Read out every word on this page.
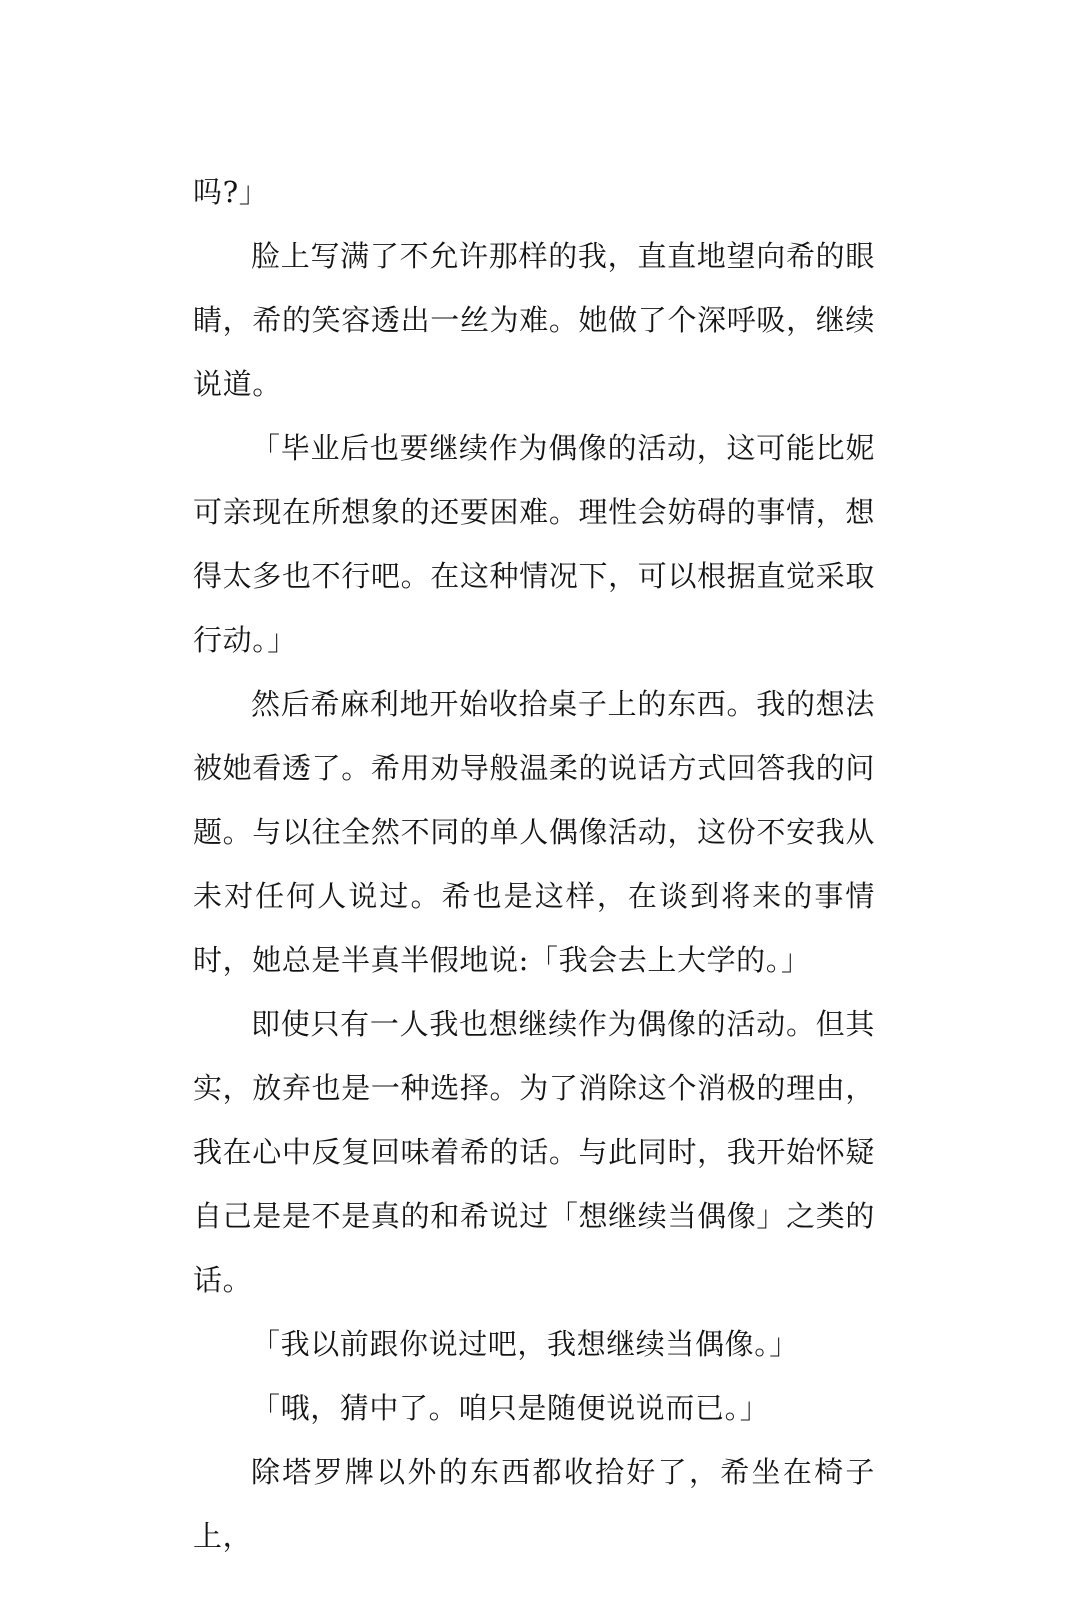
吗?」

脸上写满了不允许那样的我，直直地望向希的眼睛，希的笑容透出一丝为难。她做了个深呼吸，继续说道。

「毕业后也要继续作为偶像的活动，这可能比妮可亲现在所想象的还要困难。理性会妨碍的事情，想得太多也不行吧。在这种情况下，可以根据直觉采取行动。」

然后希麻利地开始收拾桌子上的东西。我的想法被她看透了。希用劝导般温柔的说话方式回答我的问题。与以往全然不同的单人偶像活动，这份不安我从未对任何人说过。希也是这样，在谈到将来的事情时，她总是半真半假地说:「我会去上大学的。」

即使只有一人我也想继续作为偶像的活动。但其实，放弃也是一种选择。为了消除这个消极的理由，我在心中反复回味着希的话。与此同时，我开始怀疑自己是是不是真的和希说过「想继续当偶像」之类的话。

「我以前跟你说过吧，我想继续当偶像。」

「哦，猜中了。咱只是随便说说而已。」

除塔罗牌以外的东西都收拾好了，希坐在椅子上，
